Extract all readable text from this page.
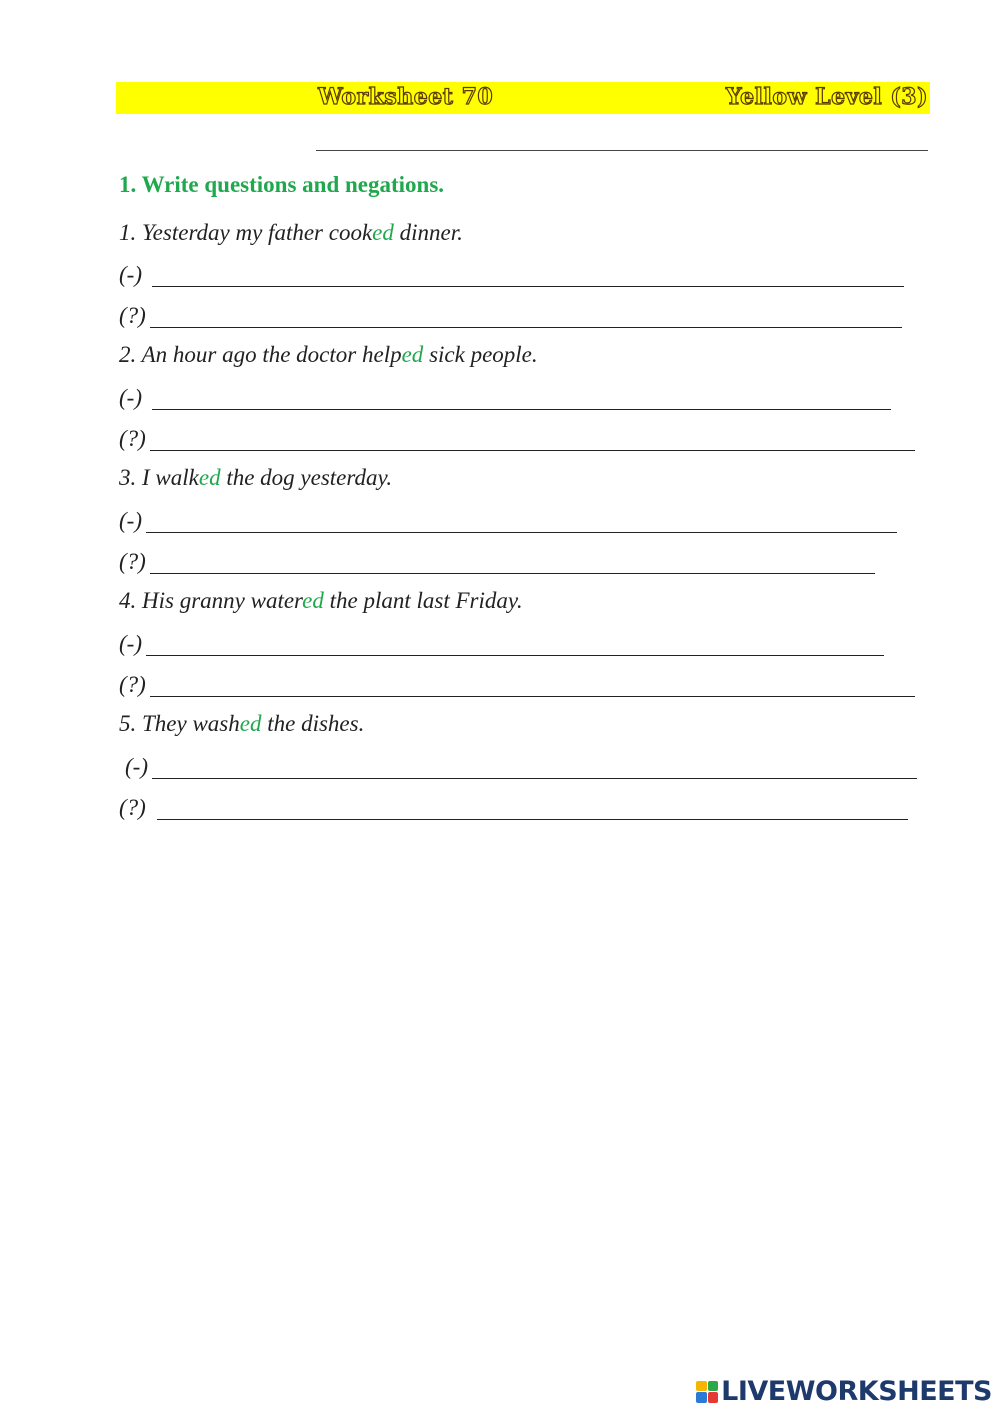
Worksheet 70	Yellow Level (3)
1. Write questions and negations.
1. Yesterday my father cooked dinner.
(-)
(?)
2. An hour ago the doctor helped sick people.
(-)
(?)
3. I walked the dog yesterday.
(-)
(?)
4. His granny watered the plant last Friday.
(-)
(?)
5. They washed the dishes.
(-)
(?)
LIVEWORKSHEETS
